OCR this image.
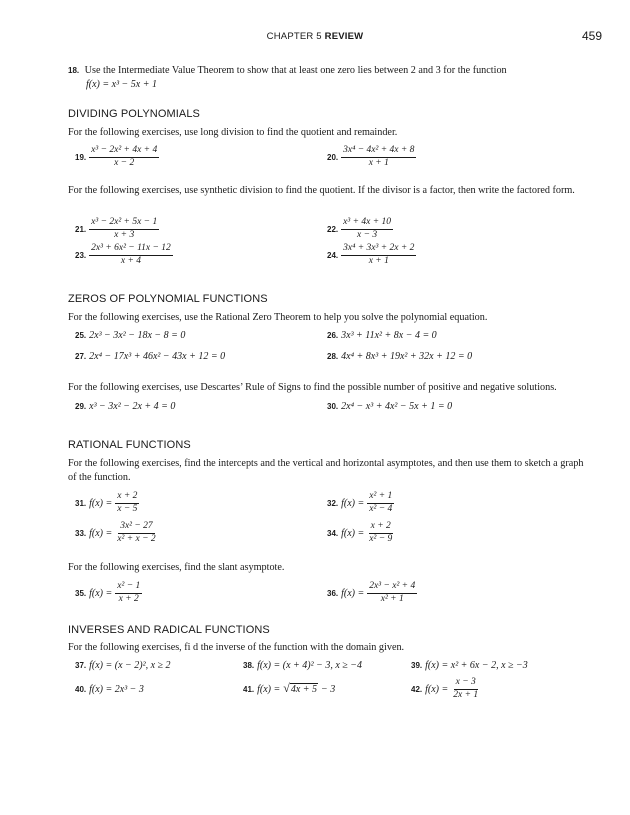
CHAPTER 5 REVIEW	459
18. Use the Intermediate Value Theorem to show that at least one zero lies between 2 and 3 for the function
f(x) = x³ − 5x + 1
DIVIDING POLYNOMIALS
For the following exercises, use long division to find the quotient and remainder.
19. $\frac{\text{x³ − 2x² + 4x + 4}}{x - 2}$	20. $\frac{\text{3x⁴ − 4x² + 4x + 8}}{x + 1}$
For the following exercises, use synthetic division to find the quotient. If the divisor is a factor, then write the factored form.
21. $\frac{\text{x³ − 2x² + 5x − 1}}{x + 3}$	22. $\frac{\text{x³ + 4x + 10}}{x - 3}$
23. $\frac{\text{2x³ + 6x² − 11x − 12}}{x + 4}$	24. $\frac{\text{3x⁴ + 3x³ + 2x + 2}}{x + 1}$
ZEROS OF POLYNOMIAL FUNCTIONS
For the following exercises, use the Rational Zero Theorem to help you solve the polynomial equation.
25. 2x³ − 3x² − 18x − 8 = 0	26. 3x³ + 11x² + 8x − 4 = 0
27. 2x⁴ − 17x³ + 46x² − 43x + 12 = 0	28. 4x⁴ + 8x³ + 19x² + 32x + 12 = 0
For the following exercises, use Descartes’ Rule of Signs to find the possible number of positive and negative solutions.
29. x³ − 3x² − 2x + 4 = 0	30. 2x⁴ − x³ + 4x² − 5x + 1 = 0
RATIONAL FUNCTIONS
For the following exercises, find the intercepts and the vertical and horizontal asymptotes, and then use them to sketch a graph of the function.
31. $f(x) = \frac{x + 2}{x - 5}$	32. $f(x) = \frac{\text{x² + 1}}{\text{x² − 4}}$
33. $f(x) = \frac{\text{3x² − 27}}{\text{x² + x − 2}}$	34. $f(x) = \frac{x + 2}{\text{x² − 9}}$
For the following exercises, find the slant asymptote.
35. $f(x) = \frac{\text{x² − 1}}{x + 2}$	36. $f(x) = \frac{\text{2x³ − x² + 4}}{\text{x² + 1}}$
INVERSES AND RADICAL FUNCTIONS
For the following exercises, fi d the inverse of the function with the domain given.
37. f(x) = (x − 2)², x ≥ 2	38. f(x) = (x + 4)² − 3, x ≥ −4	39. f(x) = x² + 6x − 2, x ≥ −3
40. f(x) = 2x³ − 3	41. f(x) = √ 4x + 5 − 3	42. $f(x) = \frac{x - 3}{2x + 1}$
